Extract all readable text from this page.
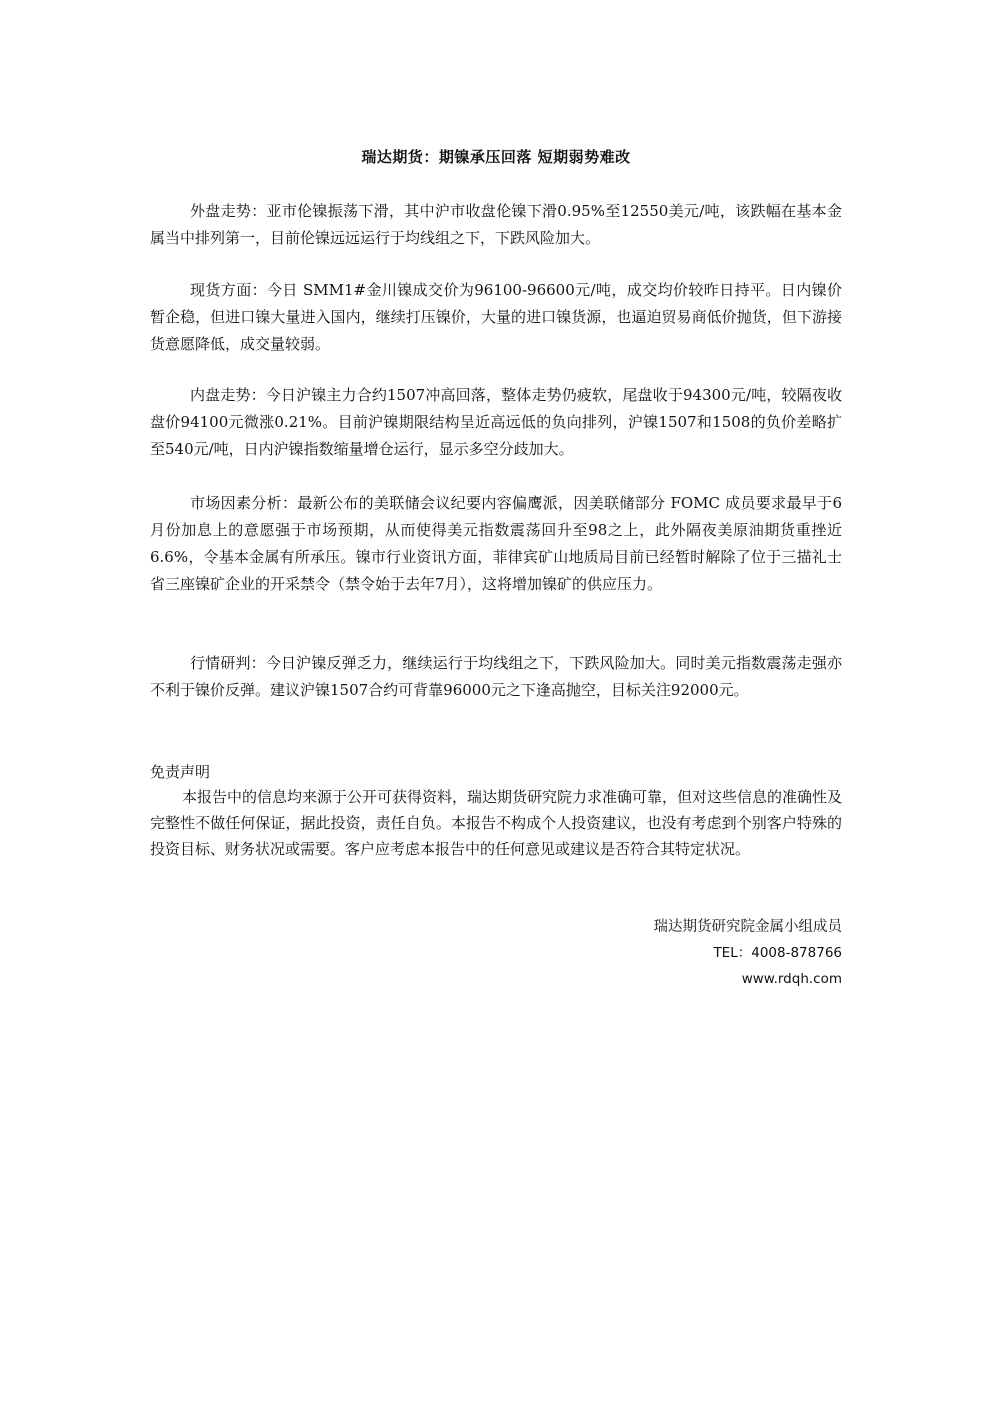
瑞达期货：期镍承压回落 短期弱势难改
外盘走势：亚市伦镍振荡下滑，其中沪市收盘伦镍下滑0.95%至12550美元/吨，该跌幅在基本金属当中排列第一，目前伦镍远远运行于均线组之下，下跌风险加大。
现货方面：今日 SMM1#金川镍成交价为96100-96600元/吨，成交均价较昨日持平。日内镍价暂企稳，但进口镍大量进入国内，继续打压镍价，大量的进口镍货源，也逼迫贸易商低价抛货，但下游接货意愿降低，成交量较弱。
内盘走势：今日沪镍主力合约1507冲高回落，整体走势仍疲软，尾盘收于94300元/吨，较隔夜收盘价94100元微涨0.21%。目前沪镍期限结构呈近高远低的负向排列，沪镍1507和1508的负价差略扩至540元/吨，日内沪镍指数缩量增仓运行，显示多空分歧加大。
市场因素分析：最新公布的美联储会议纪要内容偏鹰派，因美联储部分 FOMC 成员要求最早于6月份加息上的意愿强于市场预期，从而使得美元指数震荡回升至98之上，此外隔夜美原油期货重挫近6.6%，令基本金属有所承压。镍市行业资讯方面，菲律宾矿山地质局目前已经暂时解除了位于三描礼士省三座镍矿企业的开采禁令（禁令始于去年7月），这将增加镍矿的供应压力。
行情研判：今日沪镍反弹乏力，继续运行于均线组之下，下跌风险加大。同时美元指数震荡走强亦不利于镍价反弹。建议沪镍1507合约可背靠96000元之下逢高抛空，目标关注92000元。
免责声明
本报告中的信息均来源于公开可获得资料，瑞达期货研究院力求准确可靠，但对这些信息的准确性及完整性不做任何保证，据此投资，责任自负。本报告不构成个人投资建议，也没有考虑到个别客户特殊的投资目标、财务状况或需要。客户应考虑本报告中的任何意见或建议是否符合其特定状况。
瑞达期货研究院金属小组成员
TEL：4008-878766
www.rdqh.com
